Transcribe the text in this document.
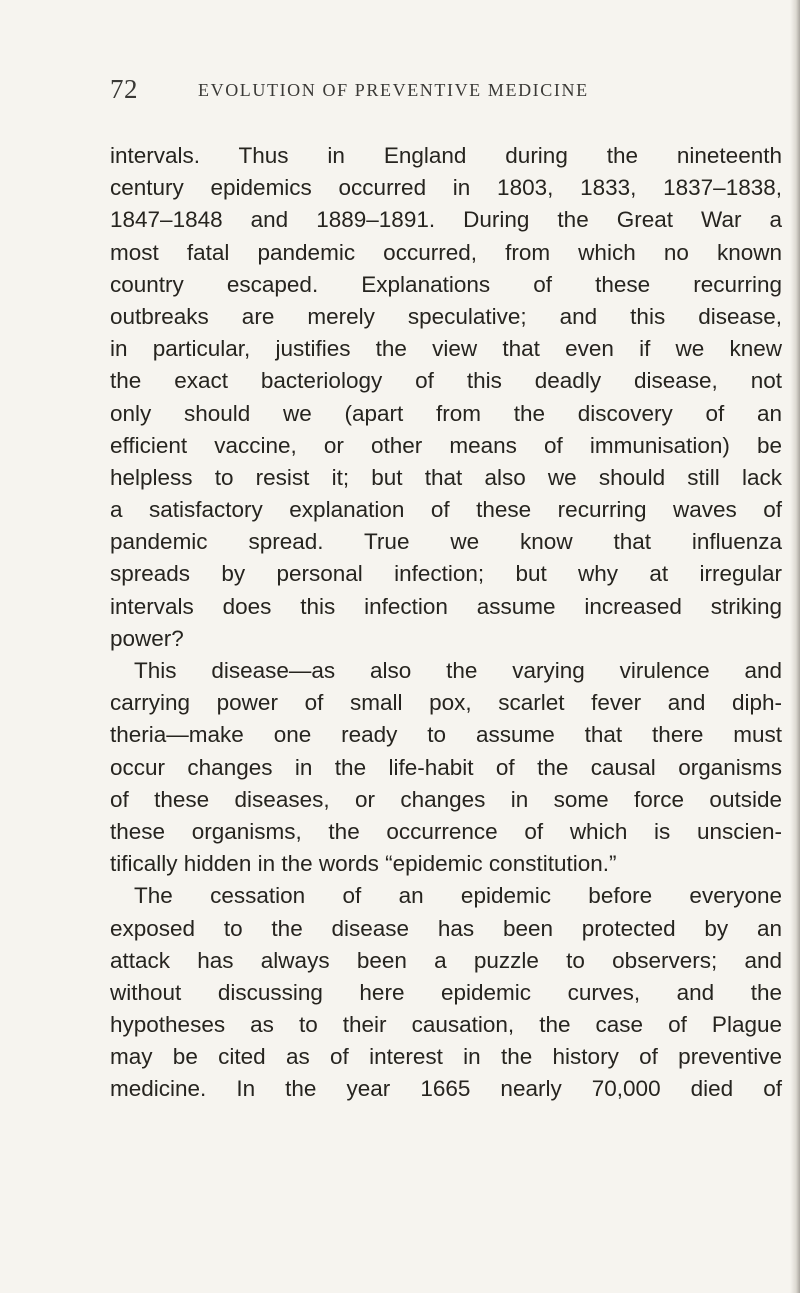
72	EVOLUTION OF PREVENTIVE MEDICINE
intervals. Thus in England during the nineteenth
century epidemics occurred in 1803, 1833, 1837–1838,
1847–1848 and 1889–1891. During the Great War a
most fatal pandemic occurred, from which no known
country escaped. Explanations of these recurring
outbreaks are merely speculative; and this disease,
in particular, justifies the view that even if we knew
the exact bacteriology of this deadly disease, not
only should we (apart from the discovery of an
efficient vaccine, or other means of immunisation) be
helpless to resist it; but that also we should still lack
a satisfactory explanation of these recurring waves of
pandemic spread. True we know that influenza
spreads by personal infection; but why at irregular
intervals does this infection assume increased striking
power?
This disease—as also the varying virulence and
carrying power of small pox, scarlet fever and diph-
theria—make one ready to assume that there must
occur changes in the life-habit of the causal organisms
of these diseases, or changes in some force outside
these organisms, the occurrence of which is unscien-
tifically hidden in the words “epidemic constitution.”
The cessation of an epidemic before everyone
exposed to the disease has been protected by an
attack has always been a puzzle to observers; and
without discussing here epidemic curves, and the
hypotheses as to their causation, the case of Plague
may be cited as of interest in the history of preventive
medicine. In the year 1665 nearly 70,000 died of
